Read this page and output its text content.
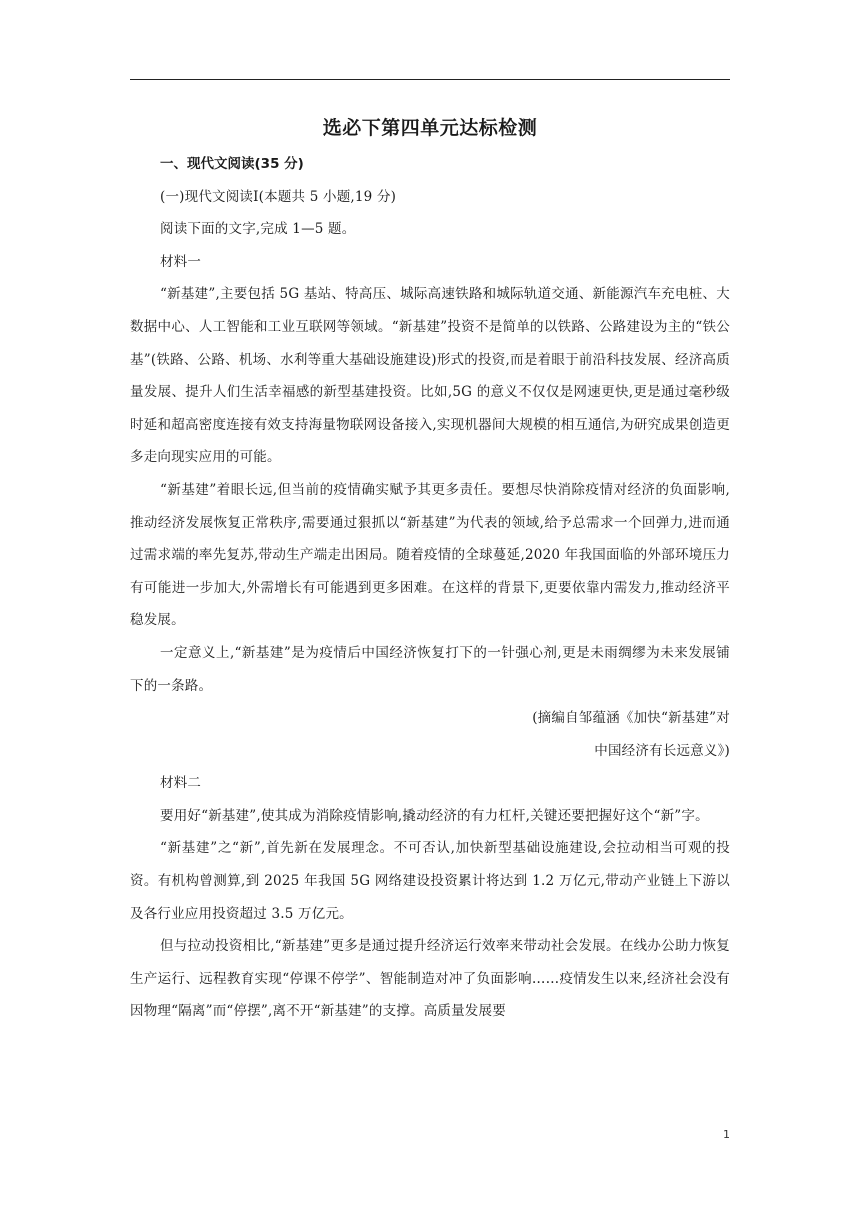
选必下第四单元达标检测
一、现代文阅读(35 分)

(一)现代文阅读Ⅰ(本题共 5 小题,19 分)

阅读下面的文字,完成 1—5 题。

材料一

“新基建”,主要包括 5G 基站、特高压、城际高速铁路和城际轨道交通、新能源汽车充电桩、大数据中心、人工智能和工业互联网等领域。“新基建”投资不是简单的以铁路、公路建设为主的“铁公基”(铁路、公路、机场、水利等重大基础设施建设)形式的投资,而是着眼于前沿科技发展、经济高质量发展、提升人们生活幸福感的新型基建投资。比如,5G 的意义不仅仅是网速更快,更是通过毫秒级时延和超高密度连接有效支持海量物联网设备接入,实现机器间大规模的相互通信,为研究成果创造更多走向现实应用的可能。

“新基建”着眼长远,但当前的疫情确实赋予其更多责任。要想尽快消除疫情对经济的负面影响,推动经济发展恢复正常秩序,需要通过狠抓以“新基建”为代表的领域,给予总需求一个回弹力,进而通过需求端的率先复苏,带动生产端走出困局。随着疫情的全球蔓延,2020 年我国面临的外部环境压力有可能进一步加大,外需增长有可能遇到更多困难。在这样的背景下,更要依靠内需发力,推动经济平稳发展。

一定意义上,“新基建”是为疫情后中国经济恢复打下的一针强心剂,更是未雨绸缪为未来发展铺下的一条路。

(摘编自邹蕴涵《加快“新基建”对

中国经济有长远意义》)

材料二

要用好“新基建”,使其成为消除疫情影响,撬动经济的有力杠杆,关键还要把握好这个“新”字。

“新基建”之“新”,首先新在发展理念。不可否认,加快新型基础设施建设,会拉动相当可观的投资。有机构曾测算,到 2025 年我国 5G 网络建设投资累计将达到 1.2 万亿元,带动产业链上下游以及各行业应用投资超过 3.5 万亿元。

但与拉动投资相比,“新基建”更多是通过提升经济运行效率来带动社会发展。在线办公助力恢复生产运行、远程教育实现“停课不停学”、智能制造对冲了负面影响……疫情发生以来,经济社会没有因物理“隔离”而“停摆”,离不开“新基建”的支撑。高质量发展要

1
